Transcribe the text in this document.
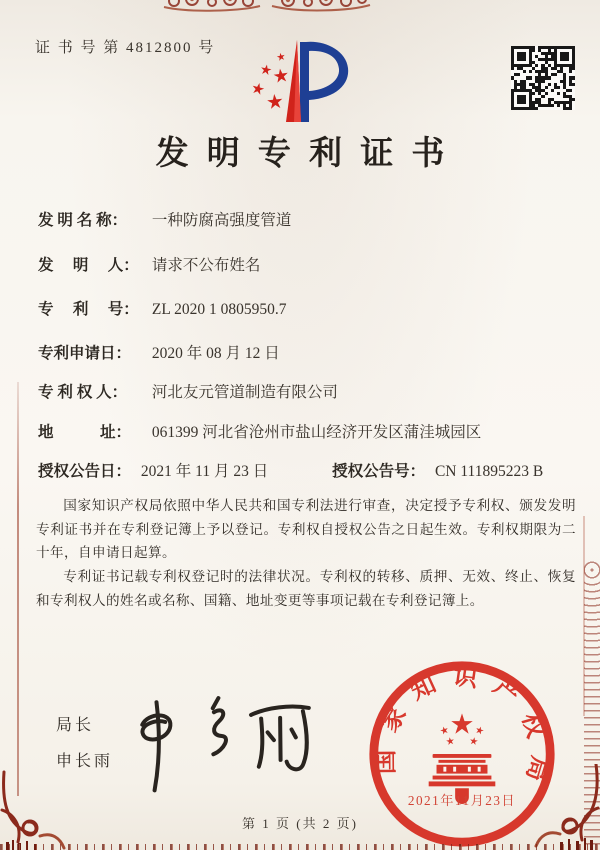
证 书 号 第 4812800 号
发明专利证书
发 明 名 称： 一种防腐高强度管道
发　 明 　人： 请求不公布姓名
专　 利 　号： ZL 2020 1 0805950.7
专利申请日： 2020 年 08 月 12 日
专 利 权 人： 河北友元管道制造有限公司
地　　　址： 061399 河北省沧州市盐山经济开发区蒲洼城园区
授权公告日： 2021 年 11 月 23 日	授权公告号： CN 111895223 B

国家知识产权局依照中华人民共和国专利法进行审查，决定授予专利权、颁发发明专利证书并在专利登记簿上予以登记。专利权自授权公告之日起生效。专利权期限为二十年，自申请日起算。

专利证书记载专利权登记时的法律状况。专利权的转移、质押、无效、终止、恢复和专利权人的姓名或名称、国籍、地址变更等事项记载在专利登记簿上。

局长
申长雨	国家知识产权局
2021年11月23日
第 1 页 (共 2 页)
